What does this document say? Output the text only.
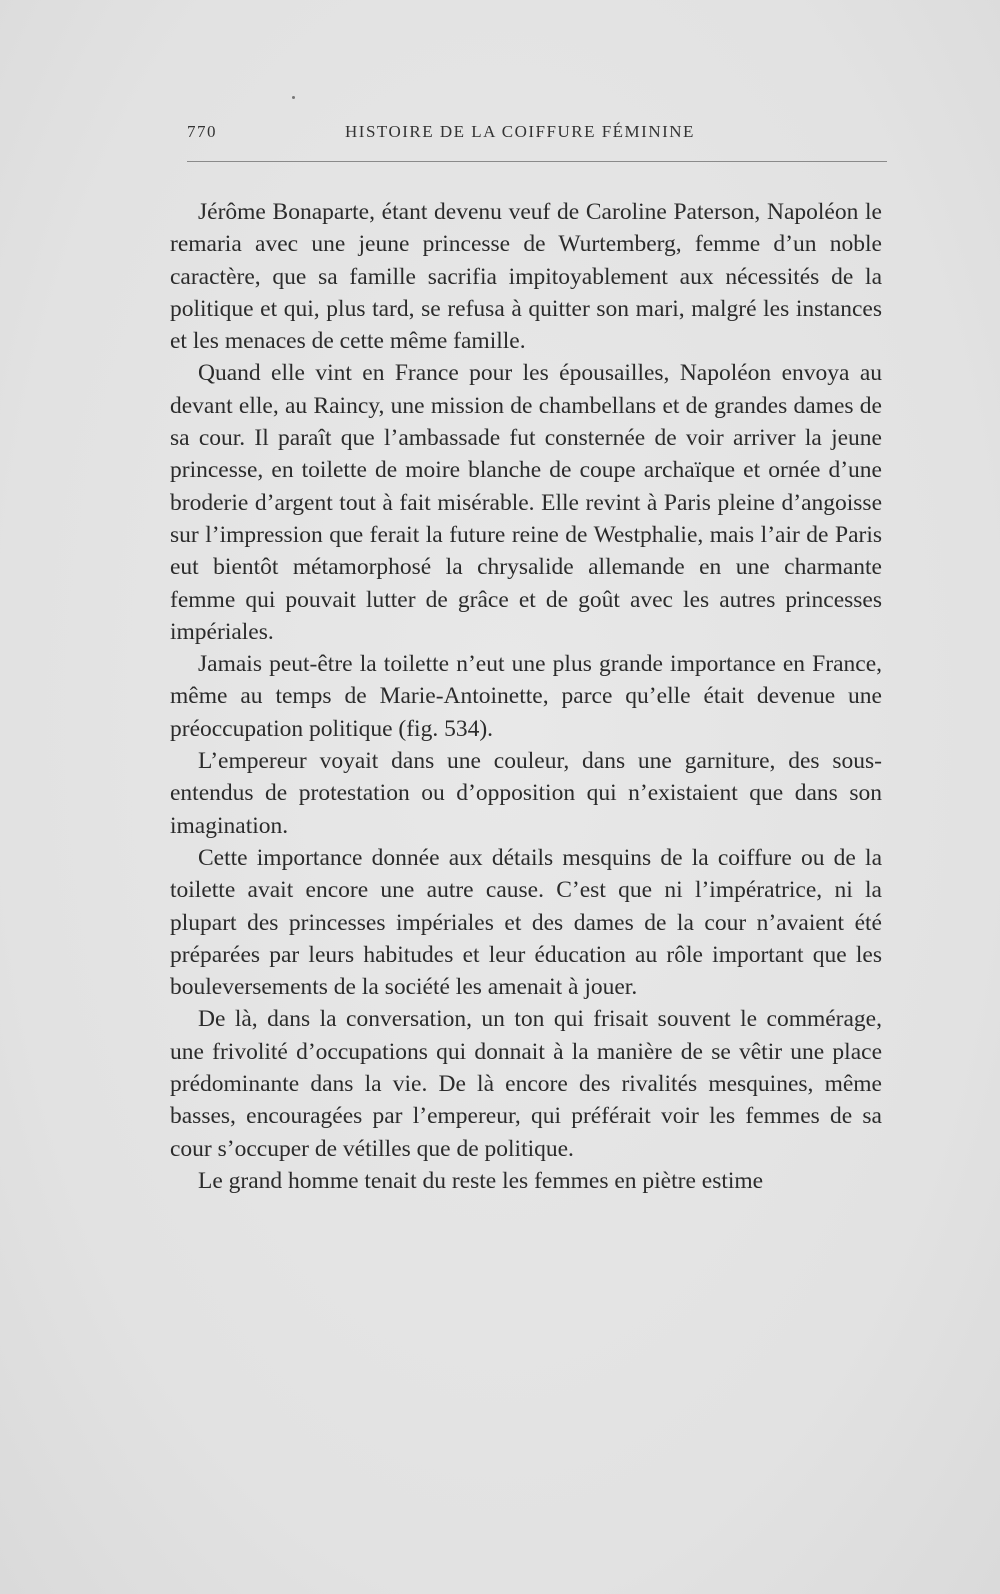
770	HISTOIRE DE LA COIFFURE FÉMININE

Jérôme Bonaparte, étant devenu veuf de Caroline Paterson, Napoléon le remaria avec une jeune princesse de Wurtemberg, femme d’un noble caractère, que sa famille sacrifia impitoyablement aux nécessités de la politique et qui, plus tard, se refusa à quitter son mari, malgré les instances et les menaces de cette même famille.

Quand elle vint en France pour les épousailles, Napoléon envoya au devant elle, au Raincy, une mission de chambellans et de grandes dames de sa cour. Il paraît que l’ambassade fut consternée de voir arriver la jeune princesse, en toilette de moire blanche de coupe archaïque et ornée d’une broderie d’argent tout à fait misérable. Elle revint à Paris pleine d’angoisse sur l’impression que ferait la future reine de Westphalie, mais l’air de Paris eut bientôt métamorphosé la chrysalide allemande en une charmante femme qui pouvait lutter de grâce et de goût avec les autres princesses impériales.

Jamais peut-être la toilette n’eut une plus grande importance en France, même au temps de Marie-Antoinette, parce qu’elle était devenue une préoccupation politique (fig. 534).

L’empereur voyait dans une couleur, dans une garniture, des sous-entendus de protestation ou d’opposition qui n’existaient que dans son imagination.

Cette importance donnée aux détails mesquins de la coiffure ou de la toilette avait encore une autre cause. C’est que ni l’impératrice, ni la plupart des princesses impériales et des dames de la cour n’avaient été préparées par leurs habitudes et leur éducation au rôle important que les bouleversements de la société les amenait à jouer.

De là, dans la conversation, un ton qui frisait souvent le commérage, une frivolité d’occupations qui donnait à la manière de se vêtir une place prédominante dans la vie. De là encore des rivalités mesquines, même basses, encouragées par l’empereur, qui préférait voir les femmes de sa cour s’occuper de vétilles que de politique.

Le grand homme tenait du reste les femmes en piètre estime
